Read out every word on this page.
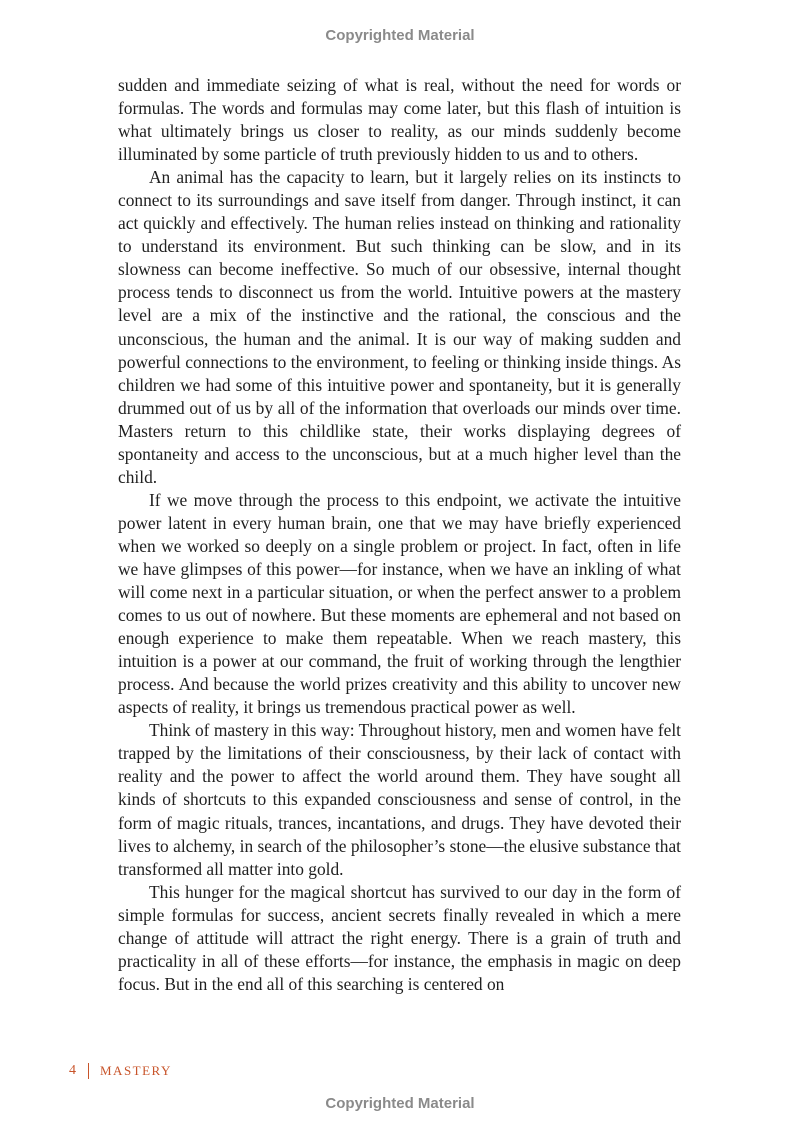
Copyrighted Material

sudden and immediate seizing of what is real, without the need for words or formulas. The words and formulas may come later, but this flash of intuition is what ultimately brings us closer to reality, as our minds suddenly become illuminated by some particle of truth previously hidden to us and to others.

An animal has the capacity to learn, but it largely relies on its instincts to connect to its surroundings and save itself from danger. Through instinct, it can act quickly and effectively. The human relies instead on thinking and rationality to understand its environment. But such thinking can be slow, and in its slowness can become ineffective. So much of our obsessive, internal thought process tends to disconnect us from the world. Intuitive powers at the mastery level are a mix of the instinctive and the rational, the conscious and the unconscious, the human and the animal. It is our way of making sudden and powerful connections to the environment, to feeling or thinking inside things. As children we had some of this intuitive power and spontaneity, but it is generally drummed out of us by all of the information that overloads our minds over time. Masters return to this childlike state, their works displaying degrees of spontaneity and access to the unconscious, but at a much higher level than the child.

If we move through the process to this endpoint, we activate the intuitive power latent in every human brain, one that we may have briefly experienced when we worked so deeply on a single problem or project. In fact, often in life we have glimpses of this power—for instance, when we have an inkling of what will come next in a particular situation, or when the perfect answer to a problem comes to us out of nowhere. But these moments are ephemeral and not based on enough experience to make them repeatable. When we reach mastery, this intuition is a power at our command, the fruit of working through the lengthier process. And because the world prizes creativity and this ability to uncover new aspects of reality, it brings us tremendous practical power as well.

Think of mastery in this way: Throughout history, men and women have felt trapped by the limitations of their consciousness, by their lack of contact with reality and the power to affect the world around them. They have sought all kinds of shortcuts to this expanded consciousness and sense of control, in the form of magic rituals, trances, incantations, and drugs. They have devoted their lives to alchemy, in search of the philosopher’s stone—the elusive substance that transformed all matter into gold.

This hunger for the magical shortcut has survived to our day in the form of simple formulas for success, ancient secrets finally revealed in which a mere change of attitude will attract the right energy. There is a grain of truth and practicality in all of these efforts—for instance, the emphasis in magic on deep focus. But in the end all of this searching is centered on

4 MASTERY
Copyrighted Material
